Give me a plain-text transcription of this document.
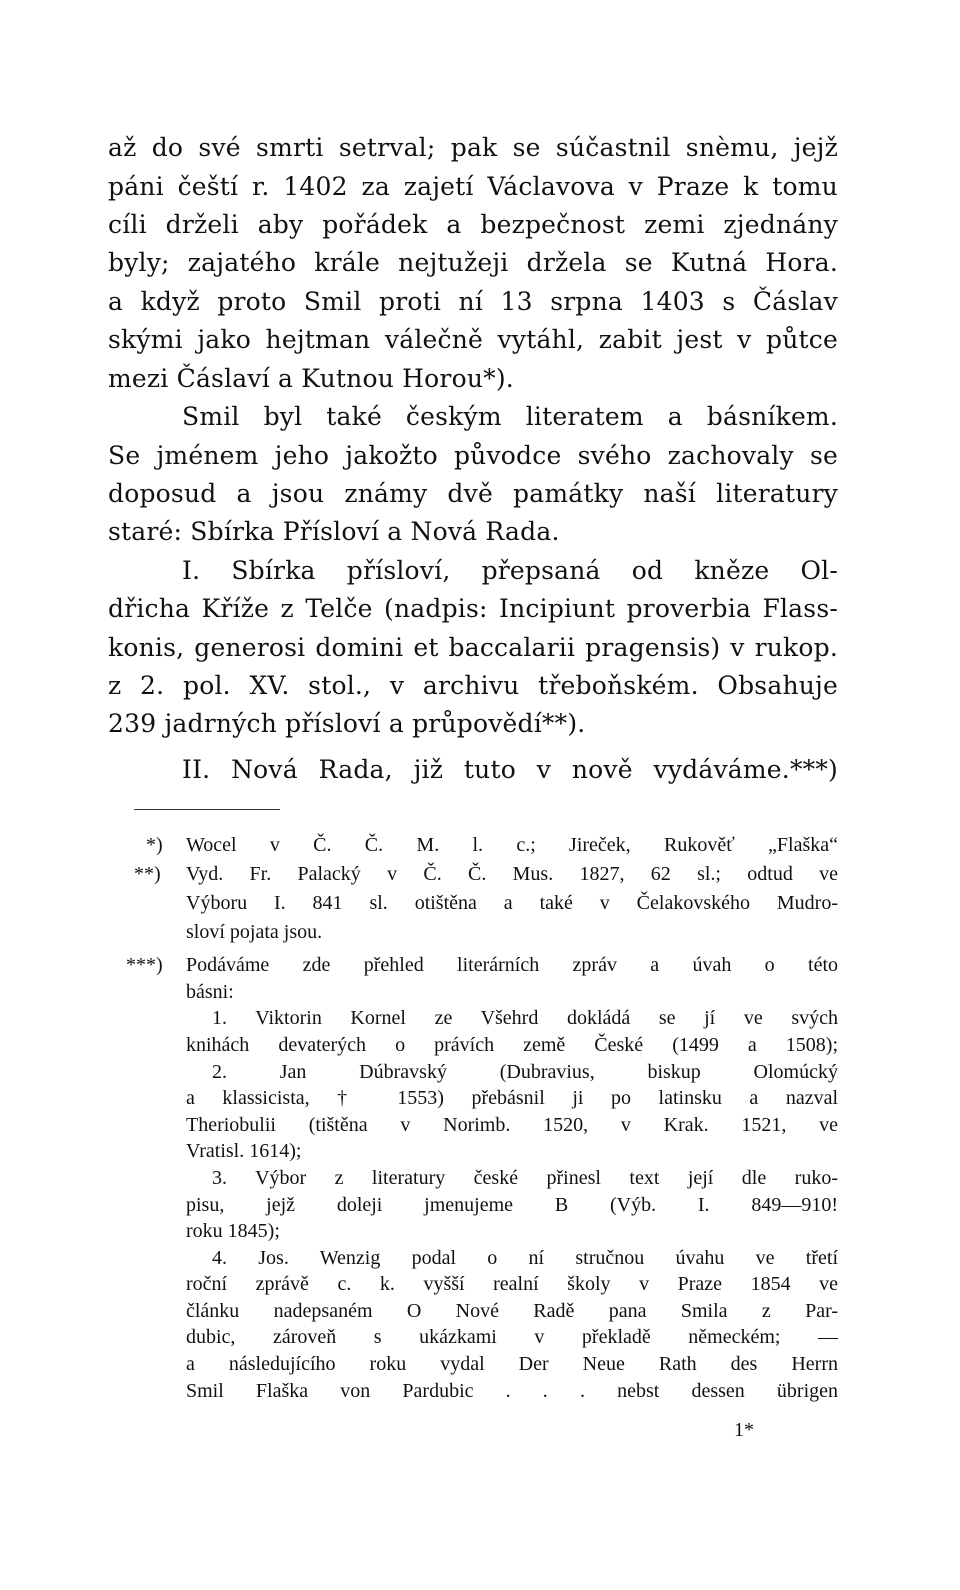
až do své smrti setrval; pak se súčastnil snèmu, jejž
páni čeští r. 1402 za zajetí Václavova v Praze k tomu
cíli drželi aby pořádek a bezpečnost zemi zjednány
byly; zajatého krále nejtužeji držela se Kutná Hora.
a když proto Smil proti ní 13 srpna 1403 s Čáslav
skými jako hejtman válečně vytáhl, zabit jest v půtce
mezi Čáslaví a Kutnou Horou*).
Smil byl také českým literatem a básníkem.
Se jménem jeho jakožto původce svého zachovaly se
doposud a jsou známy dvě památky naší literatury
staré: Sbírka Přísloví a Nová Rada.
I. Sbírka přísloví, přepsaná od kněze Ol-
dřicha Kříže z Telče (nadpis: Incipiunt proverbia Flass-
konis, generosi domini et baccalarii pragensis) v rukop.
z 2. pol. XV. stol., v archivu třeboňském. Obsahuje
239 jadrných přísloví a průpovědí**).
II. Nová Rada, již tuto v nově vydáváme.***)
*)
**)
***)
Wocel v Č. Č. M. l. c.; Jireček, Rukověť „Flaška“
Vyd. Fr. Palacký v Č. Č. Mus. 1827, 62 sl.; odtud ve
Výboru I. 841 sl. otištěna a také v Čelakovského Mudro-
sloví pojata jsou.
Podáváme zde přehled literárních zpráv a úvah o této
básni:
1. Viktorin Kornel ze Všehrd dokládá se jí ve svých
knihách devaterých o právích země České (1499 a 1508);
2. Jan Dúbravský (Dubravius, biskup Olomúcký
a klassicista, † 1553) přebásnil ji po latinsku a nazval
Theriobulii (tištěna v Norimb. 1520, v Krak. 1521, ve
Vratisl. 1614);
3. Výbor z literatury české přinesl text její dle ruko-
pisu, jejž doleji jmenujeme B (Výb. I. 849—910!
roku 1845);
4. Jos. Wenzig podal o ní stručnou úvahu ve třetí
roční zprávě c. k. vyšší realní školy v Praze 1854 ve
článku nadepsaném O Nové Radě pana Smila z Par-
dubic, zároveň s ukázkami v překladě německém; —
a následujícího roku vydal Der Neue Rath des Herrn
Smil Flaška von Pardubic . . . nebst dessen übrigen
1*
